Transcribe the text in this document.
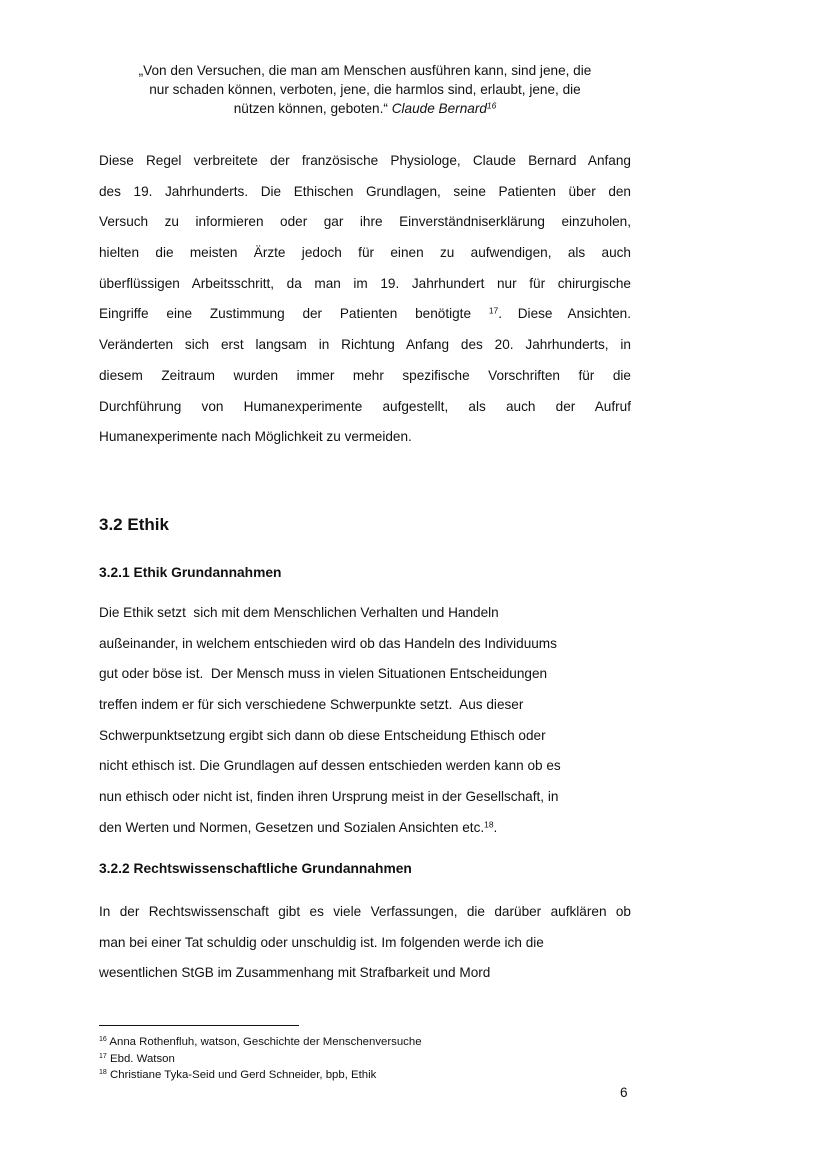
„Von den Versuchen, die man am Menschen ausführen kann, sind jene, die
nur schaden können, verboten, jene, die harmlos sind, erlaubt, jene, die
nützen können, geboten.“ Claude Bernard$^{16}$
Diese Regel verbreitete der französische Physiologe, Claude Bernard Anfang
des 19. Jahrhunderts. Die Ethischen Grundlagen, seine Patienten über den
Versuch zu informieren oder gar ihre Einverständniserklärung einzuholen,
hielten die meisten Ärzte jedoch für einen zu aufwendigen, als auch
überflüssigen Arbeitsschritt, da man im 19. Jahrhundert nur für chirurgische
Eingriffe eine Zustimmung der Patienten benötigte $^{17}$. Diese Ansichten.
Veränderten sich erst langsam in Richtung Anfang des 20. Jahrhunderts, in
diesem Zeitraum wurden immer mehr spezifische Vorschriften für die
Durchführung von Humanexperimente aufgestellt, als auch der Aufruf
Humanexperimente nach Möglichkeit zu vermeiden.
3.2 Ethik
3.2.1 Ethik Grundannahmen
Die Ethik setzt  sich mit dem Menschlichen Verhalten und Handeln
außeinander, in welchem entschieden wird ob das Handeln des Individuums
gut oder böse ist.  Der Mensch muss in vielen Situationen Entscheidungen
treffen indem er für sich verschiedene Schwerpunkte setzt.  Aus dieser
Schwerpunktsetzung ergibt sich dann ob diese Entscheidung Ethisch oder
nicht ethisch ist. Die Grundlagen auf dessen entschieden werden kann ob es
nun ethisch oder nicht ist, finden ihren Ursprung meist in der Gesellschaft, in
den Werten und Normen, Gesetzen und Sozialen Ansichten etc.$^{18}$.
3.2.2 Rechtswissenschaftliche Grundannahmen
In der Rechtswissenschaft gibt es viele Verfassungen, die darüber aufklären ob
man bei einer Tat schuldig oder unschuldig ist. Im folgenden werde ich die
wesentlichen StGB im Zusammenhang mit Strafbarkeit und Mord
$^{16}$ Anna Rothenfluh, watson, Geschichte der Menschenversuche
$^{17}$ Ebd. Watson
$^{18}$ Christiane Tyka-Seid und Gerd Schneider, bpb, Ethik
6
